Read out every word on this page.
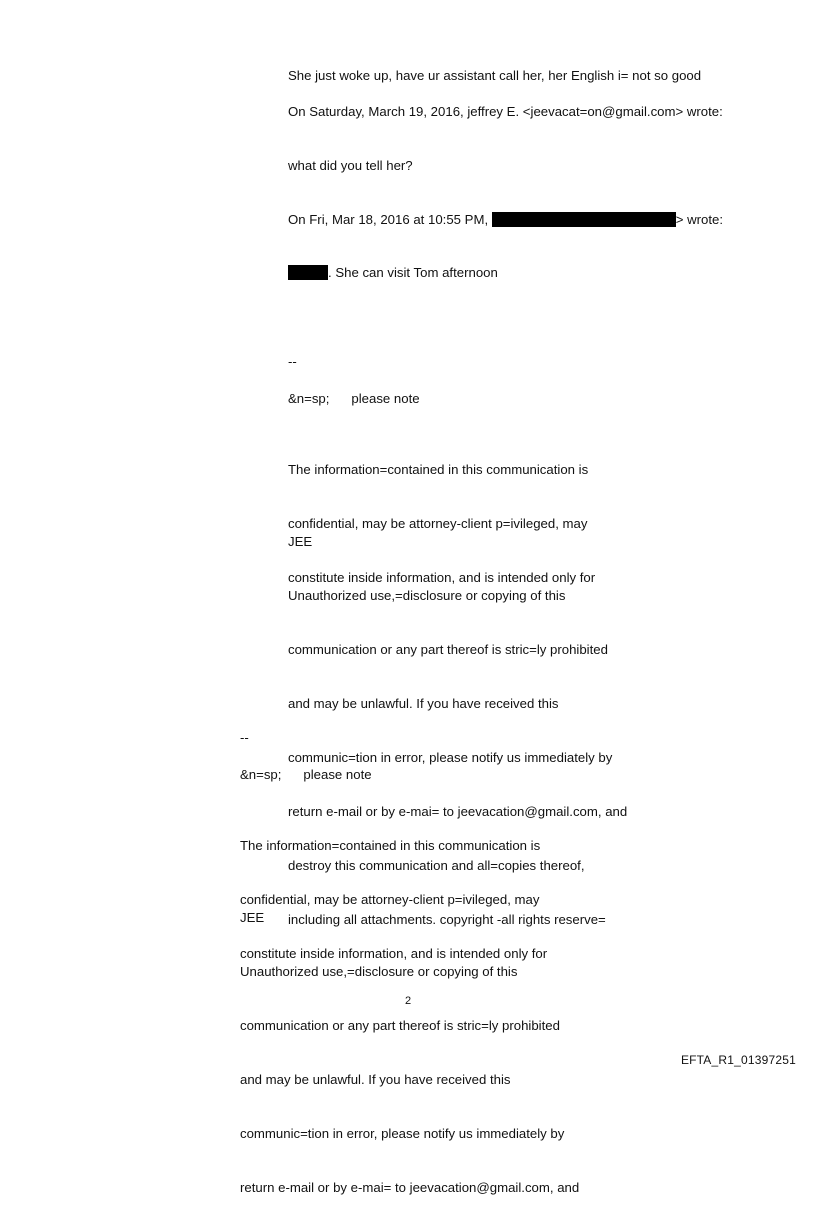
She just woke up, have ur assistant call her, her English i= not so good
On Saturday, March 19, 2016, jeffrey E. <jeevacat=on@gmail.com> wrote:
what did you tell her?
On Fri, Mar 18, 2016 at 10:55 PM,	> wrote:
. She can visit Tom afternoon
--
&n=sp;      please note

The information=contained in this communication is

confidential, may be attorney-client p=ivileged, may

constitute inside information, and is intended only for

JEE

Unauthorized use,=disclosure or copying of this

communication or any part thereof is stric=ly prohibited

and may be unlawful. If you have received this

communic=tion in error, please notify us immediately by

return e-mail or by e-mai= to jeevacation@gmail.com, and

destroy this communication and all=copies thereof,

including all attachments. copyright -all rights reserve=

--
&n=sp;      please note

The information=contained in this communication is

confidential, may be attorney-client p=ivileged, may

constitute inside information, and is intended only for

JEE

Unauthorized use,=disclosure or copying of this

communication or any part thereof is stric=ly prohibited

and may be unlawful. If you have received this

communic=tion in error, please notify us immediately by

return e-mail or by e-mai= to jeevacation@gmail.com, and

2
EFTA_R1_01397251
